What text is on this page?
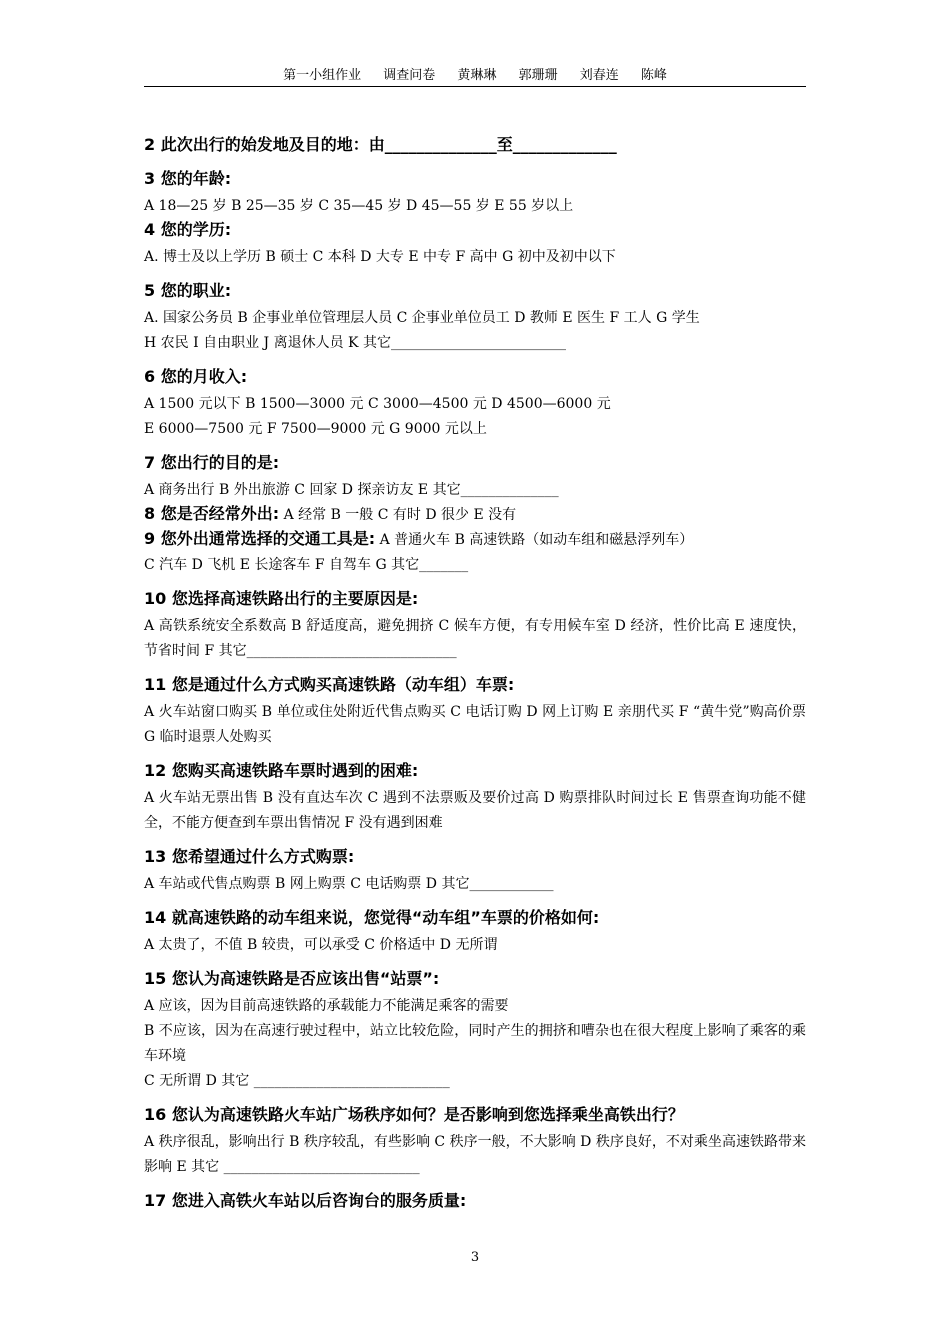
第一小组作业 调查问卷 黄琳琳 郭珊珊 刘春连 陈峰
2 此次出行的始发地及目的地：由______________至_____________
3 您的年龄:
A 18—25 岁 B 25—35 岁 C 35—45 岁 D 45—55 岁 E 55 岁以上
4 您的学历:
A. 博士及以上学历 B 硕士 C 本科 D 大专 E 中专 F 高中 G 初中及初中以下
5 您的职业:
A. 国家公务员 B 企事业单位管理层人员 C 企事业单位员工 D 教师 E 医生 F 工人 G 学生
H 农民 I 自由职业 J 离退休人员 K 其它_________________________
6 您的月收入:
A 1500 元以下 B 1500—3000 元 C 3000—4500 元 D 4500—6000 元
E 6000—7500 元 F 7500—9000 元 G 9000 元以上
7 您出行的目的是:
A 商务出行 B 外出旅游 C 回家 D 探亲访友 E 其它______________
8 您是否经常外出: A 经常 B 一般 C 有时 D 很少 E 没有
9 您外出通常选择的交通工具是: A 普通火车 B 高速铁路（如动车组和磁悬浮列车）
C 汽车 D 飞机 E 长途客车 F 自驾车 G 其它_______
10 您选择高速铁路出行的主要原因是:
A 高铁系统安全系数高 B 舒适度高，避免拥挤 C 候车方便，有专用候车室 D 经济，性价比高 E 速度快，节省时间 F 其它______________________________
11 您是通过什么方式购买高速铁路（动车组）车票:
A 火车站窗口购买 B 单位或住处附近代售点购买 C 电话订购 D 网上订购 E 亲朋代买 F “黄牛党”购高价票 G 临时退票人处购买
12 您购买高速铁路车票时遇到的困难:
A 火车站无票出售 B 没有直达车次 C 遇到不法票贩及要价过高 D 购票排队时间过长 E 售票查询功能不健全，不能方便查到车票出售情况 F 没有遇到困难
13 您希望通过什么方式购票:
A 车站或代售点购票 B 网上购票 C 电话购票 D 其它____________
14 就高速铁路的动车组来说，您觉得“动车组”车票的价格如何:
A 太贵了，不值 B 较贵，可以承受 C 价格适中 D 无所谓
15 您认为高速铁路是否应该出售“站票”:
A 应该，因为目前高速铁路的承载能力不能满足乘客的需要
B 不应该，因为在高速行驶过程中，站立比较危险，同时产生的拥挤和嘈杂也在很大程度上影响了乘客的乘车环境
C 无所谓 D 其它 ____________________________
16 您认为高速铁路火车站广场秩序如何？是否影响到您选择乘坐高铁出行？
A 秩序很乱，影响出行 B 秩序较乱，有些影响 C 秩序一般，不大影响 D 秩序良好，不对乘坐高速铁路带来影响 E 其它 ____________________________
17 您进入高铁火车站以后咨询台的服务质量:
3
